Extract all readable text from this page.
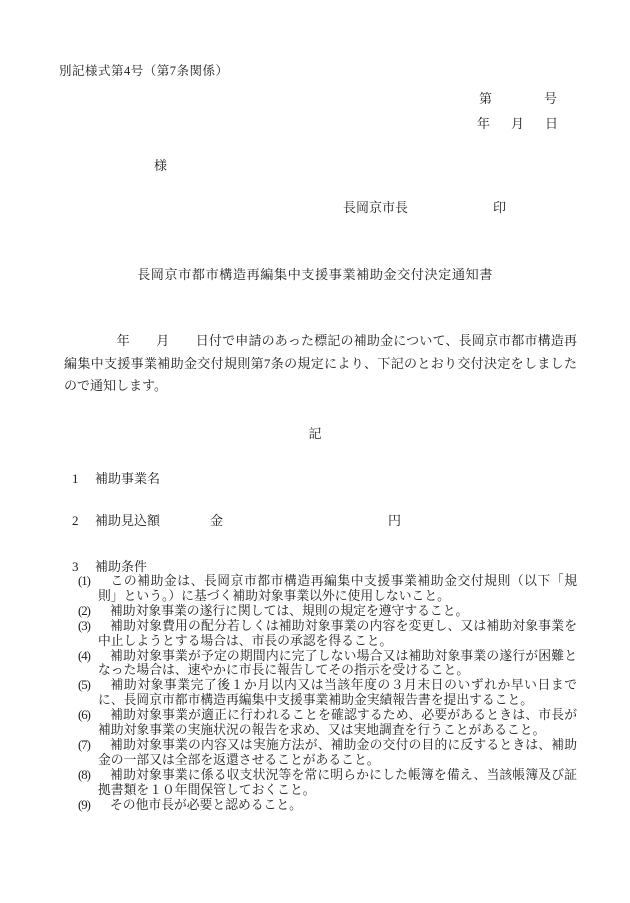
別記様式第4号（第7条関係）
第	号
年 月 日
様
長岡京市長	印
長岡京市都市構造再編集中支援事業補助金交付決定通知書
　　　　年　　月　　日付で申請のあった標記の補助金について、長岡京市都市構造再編集中支援事業補助金交付規則第7条の規定により、下記のとおり交付決定をしましたので通知します。
記
1 補助事業名
2 補助見込額	金	円
3 補助条件
(1) この補助金は、長岡京市都市構造再編集中支援事業補助金交付規則（以下「規則」という。）に基づく補助対象事業以外に使用しないこと。
(2) 補助対象事業の遂行に関しては、規則の規定を遵守すること。
(3) 補助対象費用の配分若しくは補助対象事業の内容を変更し、又は補助対象事業を中止しようとする場合は、市長の承認を得ること。
(4) 補助対象事業が予定の期間内に完了しない場合又は補助対象事業の遂行が困難となった場合は、速やかに市長に報告してその指示を受けること。
(5) 補助対象事業完了後１か月以内又は当該年度の３月末日のいずれか早い日までに、長岡京市都市構造再編集中支援事業補助金実績報告書を提出すること。
(6) 補助対象事業が適正に行われることを確認するため、必要があるときは、市長が補助対象事業の実施状況の報告を求め、又は実地調査を行うことがあること。
(7) 補助対象事業の内容又は実施方法が、補助金の交付の目的に反するときは、補助金の一部又は全部を返還させることがあること。
(8) 補助対象事業に係る収支状況等を常に明らかにした帳簿を備え、当該帳簿及び証拠書類を１０年間保管しておくこと。
(9) その他市長が必要と認めること。
